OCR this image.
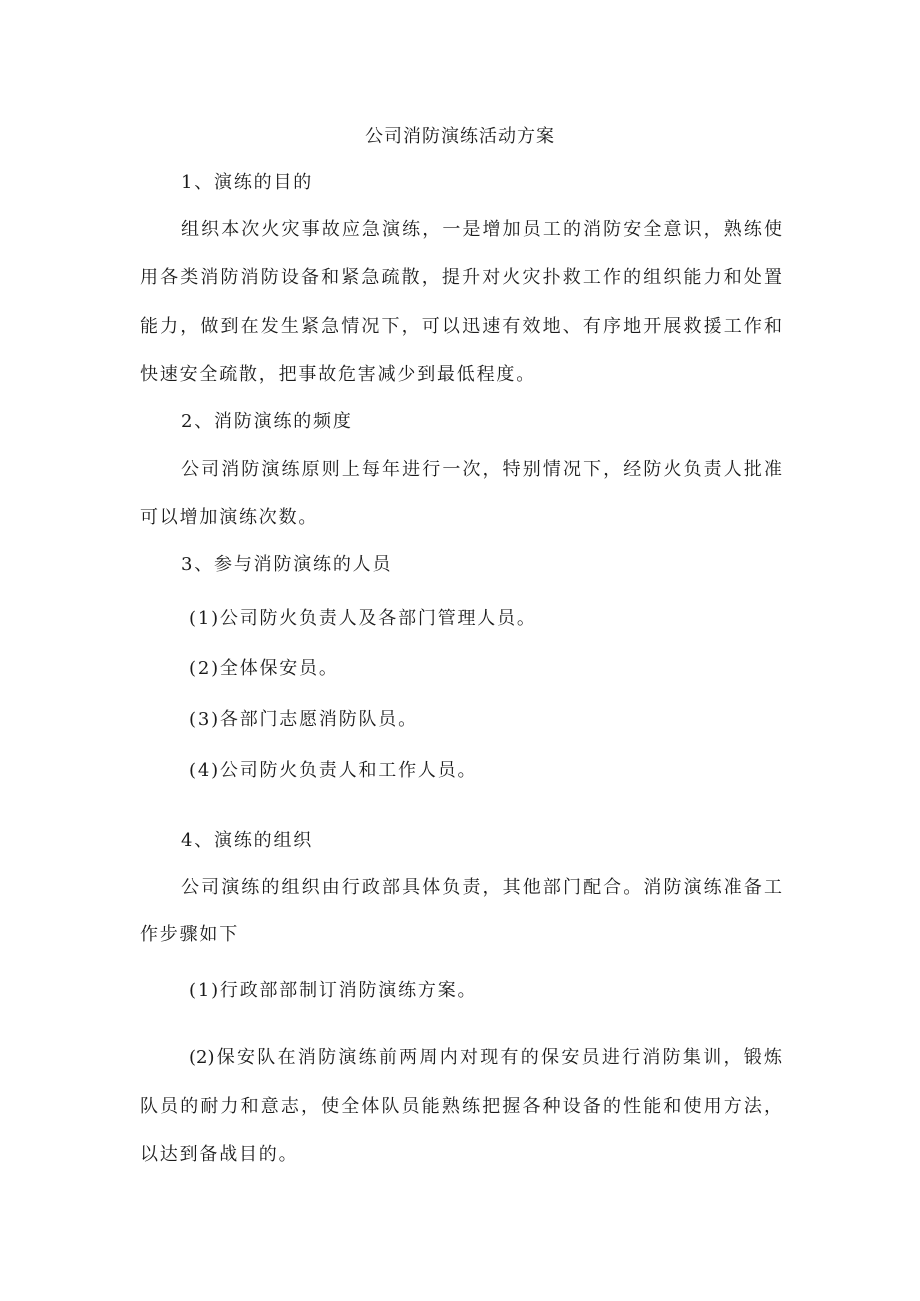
公司消防演练活动方案

1、演练的目的

组织本次火灾事故应急演练，一是增加员工的消防安全意识，熟练使

用各类消防消防设备和紧急疏散，提升对火灾扑救工作的组织能力和处置

能力，做到在发生紧急情况下，可以迅速有效地、有序地开展救援工作和

快速安全疏散，把事故危害减少到最低程度。

2、消防演练的频度

公司消防演练原则上每年进行一次，特别情况下，经防火负责人批准

可以增加演练次数。

3、参与消防演练的人员

(1)公司防火负责人及各部门管理人员。

(2)全体保安员。

(3)各部门志愿消防队员。

(4)公司防火负责人和工作人员。

4、演练的组织

公司演练的组织由行政部具体负责，其他部门配合。消防演练准备工

作步骤如下

(1)行政部部制订消防演练方案。

(2)保安队在消防演练前两周内对现有的保安员进行消防集训，锻炼

队员的耐力和意志，使全体队员能熟练把握各种设备的性能和使用方法，

以达到备战目的。
